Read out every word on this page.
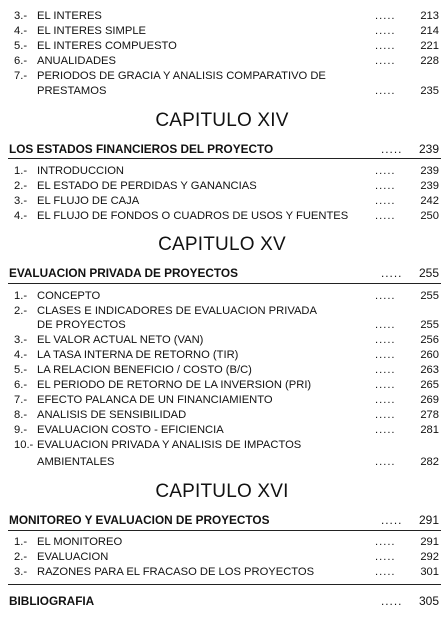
3.- EL INTERES	..... 213
4.- EL INTERES SIMPLE	..... 214
5.- EL INTERES COMPUESTO	..... 221
6.- ANUALIDADES	..... 228
7.- PERIODOS DE GRACIA Y ANALISIS COMPARATIVO DE
PRESTAMOS	..... 235
CAPITULO XIV
LOS ESTADOS FINANCIEROS DEL PROYECTO	..... 239
1.- INTRODUCCION	..... 239
2.- EL ESTADO DE PERDIDAS Y GANANCIAS	..... 239
3.- EL FLUJO DE CAJA	..... 242
4.- EL FLUJO DE FONDOS O CUADROS DE USOS Y FUENTES ..... 250
CAPITULO XV
EVALUACION PRIVADA DE PROYECTOS	..... 255
1.- CONCEPTO	..... 255
2.- CLASES E INDICADORES DE EVALUACION PRIVADA
DE PROYECTOS	..... 255
3.- EL VALOR ACTUAL NETO (VAN)	..... 256
4.- LA TASA INTERNA DE RETORNO (TIR)	..... 260
5.- LA RELACION BENEFICIO / COSTO (B/C)	..... 263
6.- EL PERIODO DE RETORNO DE LA INVERSION (PRI)	..... 265
7.- EFECTO PALANCA DE UN FINANCIAMIENTO	..... 269
8.- ANALISIS DE SENSIBILIDAD	..... 278
9.- EVALUACION COSTO - EFICIENCIA	..... 281
10.- EVALUACION PRIVADA Y ANALISIS DE IMPACTOS
AMBIENTALES	..... 282
CAPITULO XVI
MONITOREO Y EVALUACION DE PROYECTOS	..... 291
1.- EL MONITOREO	..... 291
2.- EVALUACION	..... 292
3.- RAZONES PARA EL FRACASO DE LOS PROYECTOS	..... 301
BIBLIOGRAFIA	..... 305
